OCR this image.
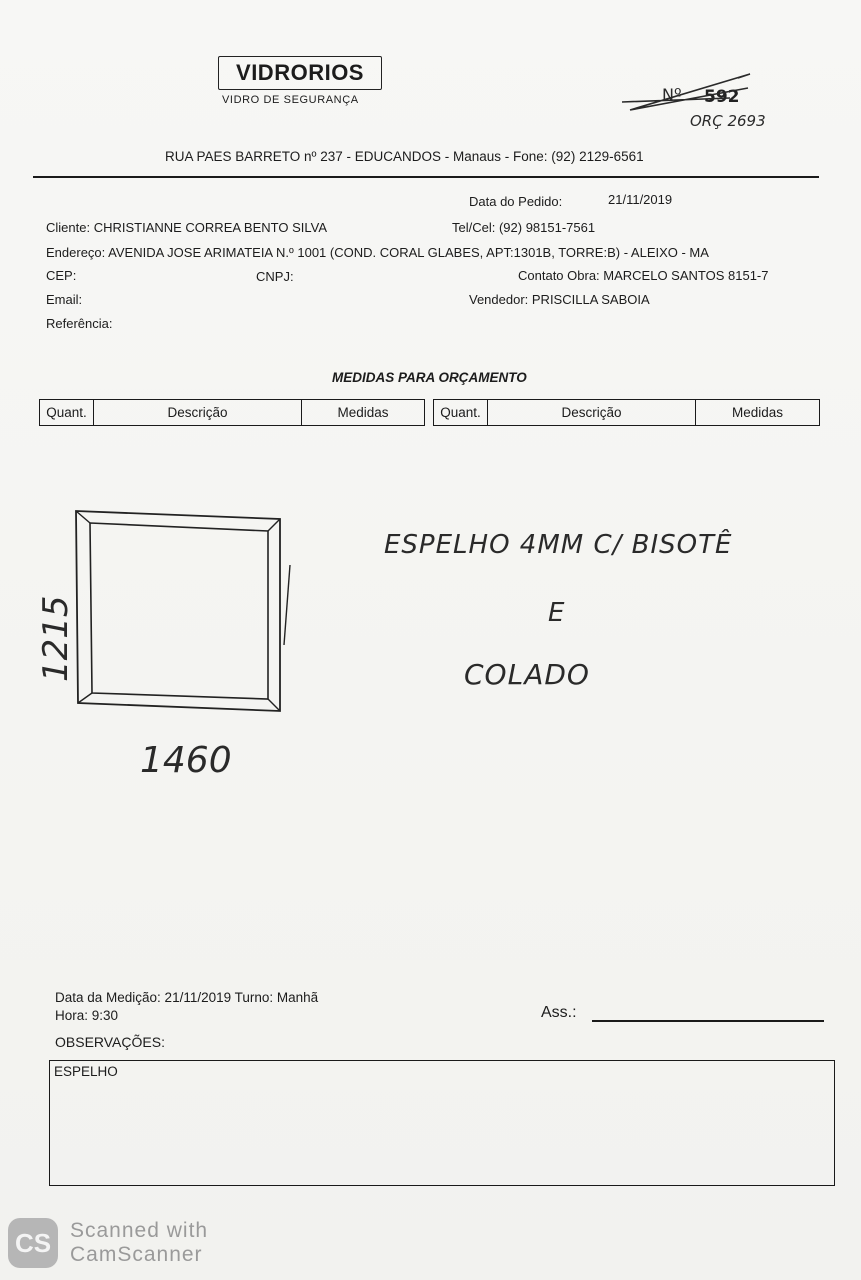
VIDRORIOS
VIDRO DE SEGURANÇA	Nº 592
ORÇ 2693
RUA PAES BARRETO nº 237 - EDUCANDOS - Manaus - Fone: (92) 2129-6561
Data do Pedido:	21/11/2019
Cliente: CHRISTIANNE CORREA BENTO SILVA	Tel/Cel: (92) 98151-7561
Endereço: AVENIDA JOSE ARIMATEIA N.º 1001 (COND. CORAL GLABES, APT:1301B, TORRE:B) - ALEIXO - MA
CEP:	CNPJ:	Contato Obra: MARCELO SANTOS 8151-7
Email:	Vendedor: PRISCILLA SABOIA
Referência:
MEDIDAS PARA ORÇAMENTO
Quant.	Descrição	Medidas	Quant.	Descrição	Medidas
1215
1460
ESPELHO 4MM C/ BISOTÊ
E
COLADO
Data da Medição: 21/11/2019 Turno: Manhã
Hora: 9:30	Ass.:
OBSERVAÇÕES:
ESPELHO
CS Scanned with
CamScanner
